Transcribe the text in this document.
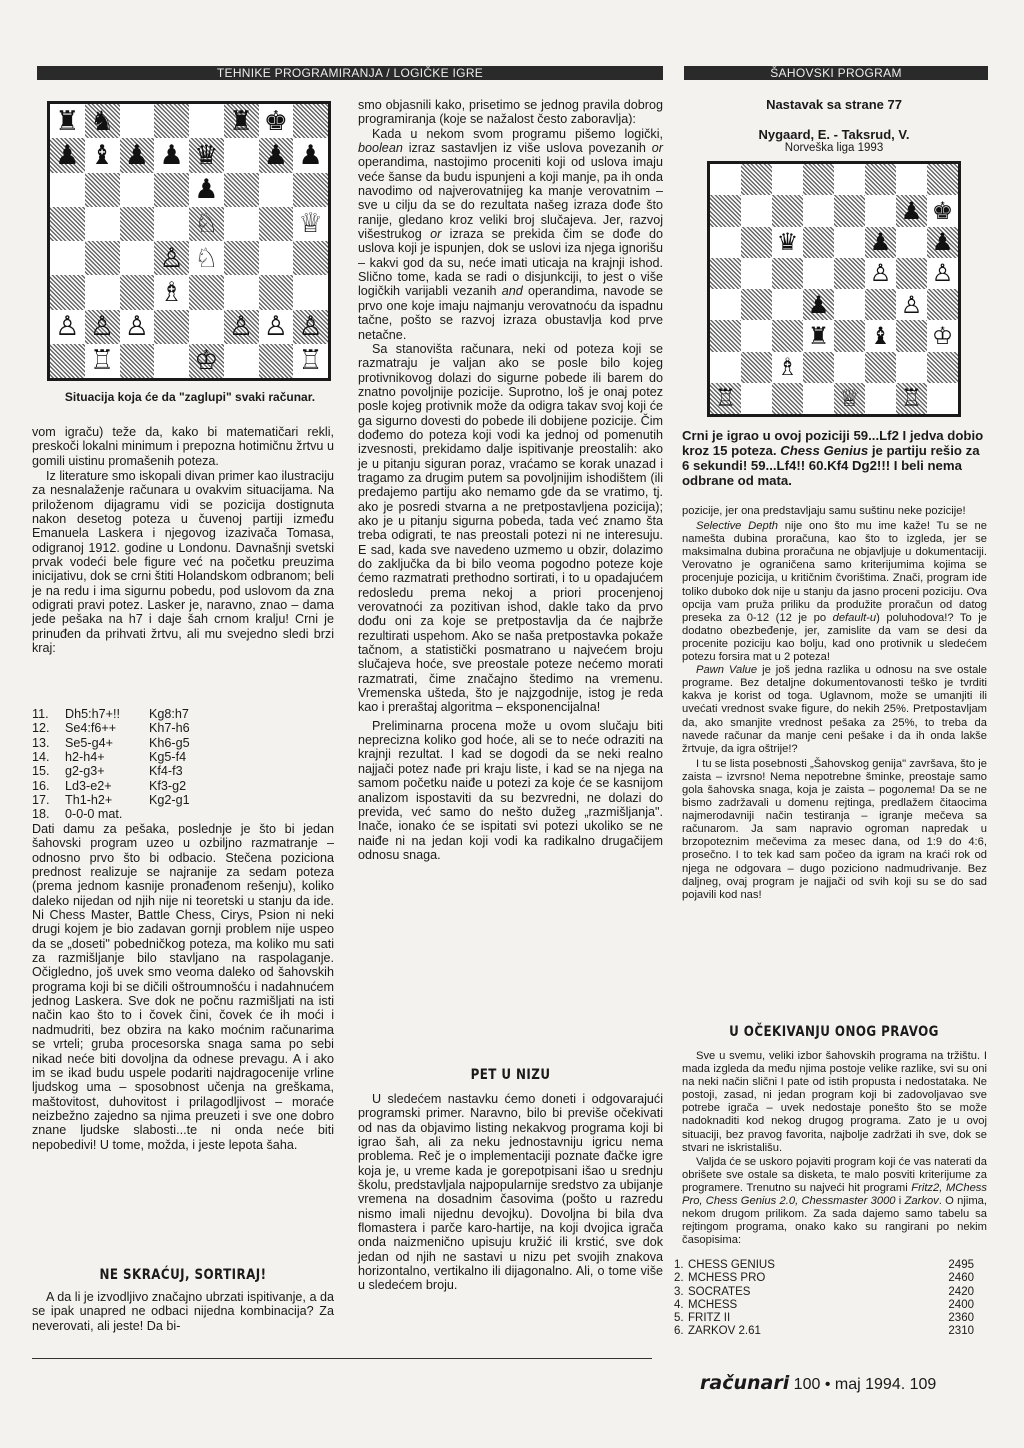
TEHNIKE PROGRAMIRANJA / LOGIČKE IGRE	ŠAHOVSKI PROGRAM
♜ ♞	♜ ♚
♟ ♝ ♟ ♟ ♛ ♟ ♟
♟
♘	♕
♙ ♘
♗
♙ ♙ ♙	♙ ♙ ♙
♖	♔	♖
Situacija koja će da "zaglupi" svaki računar.

vom igraču) teže da, kako bi matematičari rekli, preskoči lokalni minimum i prepozna hotimičnu žrtvu u gomili uistinu promašenih poteza.

Iz literature smo iskopali divan primer kao ilustraciju za nesnalaženje računara u ovakvim situacijama. Na priloženom dijagramu vidi se pozicija dostignuta nakon desetog poteza u čuvenoj partiji između Emanuela Laskera i njegovog izazivača Tomasa, odigranoj 1912. godine u Londonu. Davnašnji svetski prvak vodeći bele figure već na početku preuzima inicijativu, dok se crni štiti Holandskom odbranom; beli je na redu i ima sigurnu pobedu, pod uslovom da zna odigrati pravi potez. Lasker je, naravno, znao – dama jede pešaka na h7 i daje šah crnom kralju! Crni je prinuđen da prihvati žrtvu, ali mu svejedno sledi brzi kraj:

11.	Dh5:h7+!!	Kg8:h7
12.	Se4:f6++	Kh7-h6
13.	Se5-g4+	Kh6-g5
14.	h2-h4+	Kg5-f4
15.	g2-g3+	Kf4-f3
16.	Ld3-e2+	Kf3-g2
17.	Th1-h2+	Kg2-g1
18.	0-0-0 mat.

Dati damu za pešaka, poslednje je što bi jedan šahovski program uzeo u ozbiljno razmatranje – odnosno prvo što bi odbacio. Stečena poziciona prednost realizuje se najranije za sedam poteza (prema jednom kasnije pronađenom rešenju), koliko daleko nijedan od njih nije ni teoretski u stanju da ide. Ni Chess Master, Battle Chess, Cirys, Psion ni neki drugi kojem je bio zadavan gornji problem nije uspeo da se „doseti" pobedničkog poteza, ma koliko mu sati za razmišljanje bilo stavljano na raspolaganje. Očigledno, još uvek smo veoma daleko od šahovskih programa koji bi se dičili oštroumnošću i nadahnućem jednog Laskera. Sve dok ne počnu razmišljati na isti način kao što to i čovek čini, čovek će ih moći i nadmudriti, bez obzira na kako moćnim računarima se vrteli; grubа procesorska snaga sama po sebi nikad neće biti dovoljna da odnese prevagu. A i ako im se ikad budu uspele podariti najdragocenije vrline ljudskog uma – sposobnost učenja na greškama, maštovitost, duhovitost i prilagodljivost – moraće neizbežno zajedno sa njima preuzeti i sve one dobro znane ljudske slabosti...te ni onda neće biti nepobedivi! U tome, možda, i jeste lepota šaha.

NE SKRAĆUJ, SORTIRAJ!

A da li je izvodljivo značajno ubrzati ispitivanje, a da se ipak unapred ne odbaci nijedna kombinacija? Za neverovati, ali jeste! Da bi-

smo objasnili kako, prisetimo se jednog pravila dobrog programiranja (koje se nažalost često zaboravlja):

Kada u nekom svom programu pišemo logički, boolean izraz sastavljen iz više uslova povezanih or operandima, nastojimo proceniti koji od uslova imaju veće šanse da budu ispunjeni a koji manje, pa ih onda navodimo od najverovatnijeg ka manje verovatnim – sve u cilju da se do rezultata našeg izraza dođe što ranije, gledano kroz veliki broj slučajeva. Jer, razvoj višestrukog or izraza se prekida čim se dođe do uslova koji je ispunjen, dok se uslovi iza njega ignorišu – kakvi god da su, neće imati uticaja na krajnji ishod. Slično tome, kada se radi o disjunkciji, to jest o više logičkih varijabli vezanih and operandima, navode se prvo one koje imaju najmanju verovatnoću da ispadnu tačne, pošto se razvoj izraza obustavlja kod prve netačne.

Sa stanovišta računara, neki od poteza koji se razmatraju je valjan ako se posle bilo kojeg protivnikovog dolazi do sigurne pobede ili barem do znatno povoljnije pozicije. Suprotno, loš je onaj potez posle kojeg protivnik može da odigra takav svoj koji će ga sigurno dovesti do pobede ili dobijene pozicije. Čim dođemo do poteza koji vodi ka jednoj od pomenutih izvesnosti, prekidamo dalje ispitivanje preostalih: ako je u pitanju siguran poraz, vraćamo se korak unazad i tragamo za drugim putem sa povoljnijim ishodištem (ili predajemo partiju ako nemamo gde da se vratimo, tj. ako je posredi stvarna a ne pretpostavljena pozicija); ako je u pitanju sigurna pobeda, tada već znamo šta treba odigrati, te nas preostali potezi ni ne interesuju. E sad, kada sve navedeno uzmemo u obzir, dolazimo do zaključka da bi bilo veoma pogodno poteze koje ćemo razmatrati prethodno sortirati, i to u opadajućem redosledu prema nekoj a priori procenjenoj verovatnoći za pozitivan ishod, dakle tako da prvo dođu oni za koje se pretpostavlja da će najbrže rezultirati uspehom. Ako se naša pretpostavka pokaže tačnom, a statistički posmatrano u najvećem broju slučajeva hoće, sve preostale poteze nećemo morati razmatrati, čime značajno štedimo na vremenu. Vremenska ušteda, što je najzgodnije, istog je reda kao i preraštaj algoritma – eksponencijalna!

Preliminarna procena može u ovom slučaju biti neprecizna koliko god hoće, ali se to neće odraziti na krajnji rezultat. I kad se dogodi da se neki realno najjači potez nađe pri kraju liste, i kad se na njega na samom početku naiđe u potezi za koje će se kasnijom analizom ispostaviti da su bezvredni, ne dolazi do previda, već samo do nešto dužeg „razmišljanja". Inače, ionako će se ispitati svi potezi ukoliko se ne naiđe ni na jedan koji vodi ka radikalno drugačijem odnosu snaga.

PET U NIZU

U sledećem nastavku ćemo doneti i odgovarajući programski primer. Naravno, bilo bi previše očekivati od nas da objavimo listing nekakvog programa koji bi igrao šah, ali za neku jednostavniju igricu nema problema. Reč je o implementaciji poznate đačke igre koja je, u vreme kada je gorepotpisani išao u srednju školu, predstavljala najpopularnije sredstvo za ubijanje vremena na dosadnim časovima (pošto u razredu nismo imali nijednu devojku). Dovoljna bi bila dva flomastera i parče karo-hartije, na koji dvojica igrača onda naizmenično upisuju kružić ili krstić, sve dok jedan od njih ne sastavi u nizu pet svojih znakova horizontalno, vertikalno ili dijagonalno. Ali, o tome više u sledećem broju.

Nastavak sa strane 77
Nygaard, E. - Taksrud, V.
Norveška liga 1993
♟ ♚
♛	♟ ♟
♙ ♙
♟	♙
♜ ♝ ♔
♗
♖	♕ ♖
Crni je igrao u ovoj poziciji 59...Lf2 I jedva dobio kroz 15 poteza. Chess Genius je partiju rešio za 6 sekundi! 59...Lf4!! 60.Kf4 Dg2!!! I beli nema odbrane od mata.

pozicije, jer ona predstavljaju samu suštinu neke pozicije!

Selective Depth nije ono što mu ime kaže! Tu se ne namešta dubina proračuna, kao što to izgleda, jer se maksimalna dubina proračuna ne objavljuje u dokumentaciji. Verovatno je ograničena samo kriterijumima kojima se procenjuje pozicija, u kritičnim čvorištima. Znači, program ide toliko duboko dok nije u stanju da jasno proceni poziciju. Ova opcija vam pruža priliku da produžite proračun od datog preseka za 0-12 (12 je po default-u) poluhodova!? To je dodatno obezbeđenje, jer, zamislite da vam se desi da procenite poziciju kao bolju, kad ono protivnik u sledećem potezu forsira mat u 2 poteza!

Pawn Value je još jedna razlika u odnosu na sve ostale programe. Bez detaljne dokumentovanosti teško je tvrditi kakva je korist od toga. Uglavnom, može se umanjiti ili uvećati vrednost svake figure, do nekih 25%. Pretpostavljam da, ako smanjite vrednost pešaka za 25%, to treba da navede računar da manje ceni pešake i da ih onda lakše žrtvuje, da igra oštrije!?

I tu se lista posebnosti „Šahovskog genija" završava, što je zaista – izvrsno! Nema nepotrebne šminke, preostaje samo gola šahovska snaga, koja je zaista – pogoлema! Da se ne bismo zadržavali u domenu rejtinga, predlažem čitaocima najmerodavniji način testiranja – igranje mečeva sa računarom. Ja sam napravio ogroman napredak u brzopoteznim mečevima za mesec dana, od 1:9 do 4:6, prosečno. I to tek kad sam počeo da igram na kraći rok od njega ne odgovara – dugo poziciono nadmudrivanje. Bez daljneg, ovaj program je najjači od svih koji su se do sad pojavili kod nas!

U OČEKIVANJU ONOG PRAVOG

Sve u svemu, veliki izbor šahovskih programa na tržištu. I mada izgleda da među njima postoje velike razlike, svi su oni na neki način slični I pate od istih propusta i nedostataka. Ne postoji, zasad, ni jedan program koji bi zadovoljavao sve potrebe igrača – uvek nedostaje ponešto što se može nadoknaditi kod nekog drugog programa. Zato je u ovoj situaciji, bez pravog favorita, najbolje zadržati ih sve, dok se stvari ne iskristališu.

Valjda će se uskoro pojaviti program koji će vas naterati da obrišete sve ostale sa disketa, te malo posviti kriterijume za programere. Trenutno su najveći hit programi Fritz2, MChess Pro, Chess Genius 2.0, Chessmaster 3000 i Zarkov. O njima, nekom drugom prilikom. Za sada dajemo samo tabelu sa rejtingom programa, onako kako su rangirani po nekim časopisima:

1. CHESS GENIUS	2495
2. MCHESS PRO	2460
3. SOCRATES	2420
4. MCHESS	2400
5. FRITZ II	2360
6. ZARKOV 2.61	2310
računari 100 • maj 1994. 109
